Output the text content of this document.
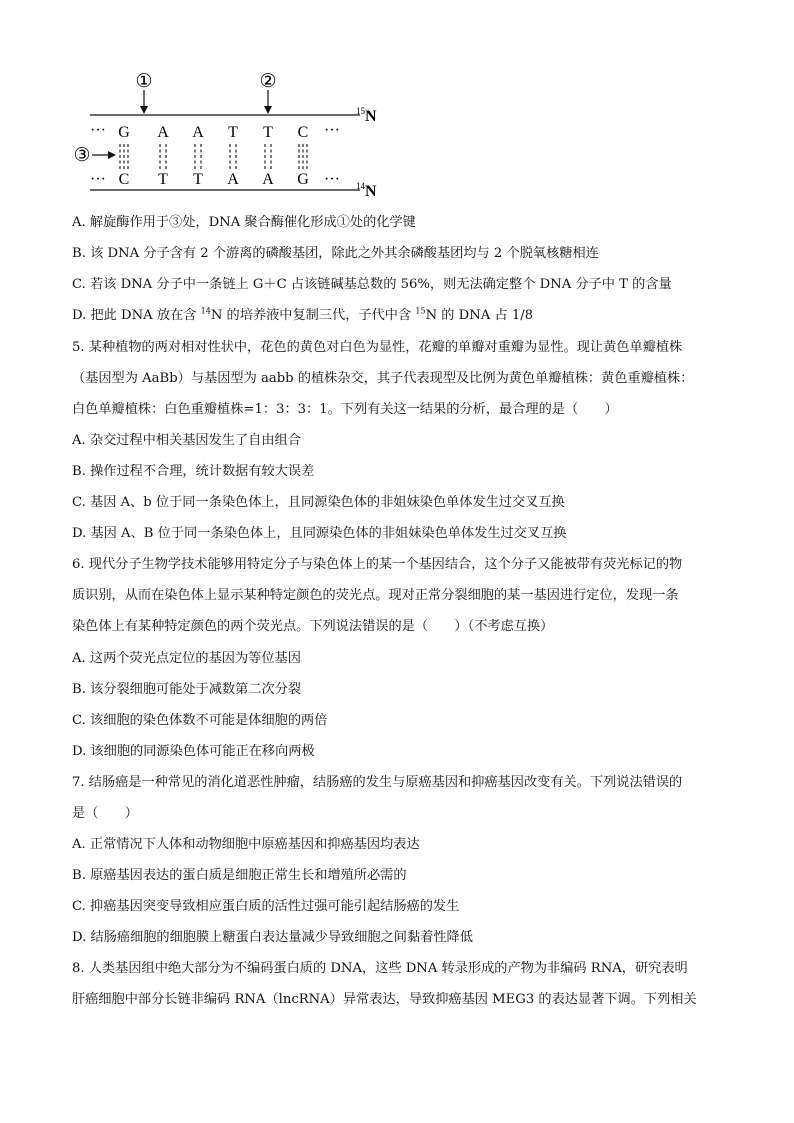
①	②
③
···
···
···
···
G A A T T C
C T T A A G
$^{15}$N
$^{14}$N
A. 解旋酶作用于③处，DNA 聚合酶催化形成①处的化学键
B. 该 DNA 分子含有 2 个游离的磷酸基团，除此之外其余磷酸基团均与 2 个脱氧核糖相连
C. 若该 DNA 分子中一条链上 G＋C 占该链碱基总数的 56%，则无法确定整个 DNA 分子中 T 的含量
D. 把此 DNA 放在含 $^{14}$N 的培养液中复制三代，子代中含 $^{15}$N 的 DNA 占 1/8
5. 某种植物的两对相对性状中，花色的黄色对白色为显性，花瓣的单瓣对重瓣为显性。现让黄色单瓣植株
（基因型为 AaBb）与基因型为 aabb 的植株杂交，其子代表现型及比例为黄色单瓣植株：黄色重瓣植株：
白色单瓣植株：白色重瓣植株=1：3：3：1。下列有关这一结果的分析，最合理的是（　　）
A. 杂交过程中相关基因发生了自由组合
B. 操作过程不合理，统计数据有较大误差
C. 基因 A、b 位于同一条染色体上，且同源染色体的非姐妹染色单体发生过交叉互换
D. 基因 A、B 位于同一条染色体上，且同源染色体的非姐妹染色单体发生过交叉互换
6. 现代分子生物学技术能够用特定分子与染色体上的某一个基因结合，这个分子又能被带有荧光标记的物
质识别，从而在染色体上显示某种特定颜色的荧光点。现对正常分裂细胞的某一基因进行定位，发现一条
染色体上有某种特定颜色的两个荧光点。下列说法错误的是（　　）（不考虑互换）
A. 这两个荧光点定位的基因为等位基因
B. 该分裂细胞可能处于减数第二次分裂
C. 该细胞的染色体数不可能是体细胞的两倍
D. 该细胞的同源染色体可能正在移向两极
7. 结肠癌是一种常见的消化道恶性肿瘤，结肠癌的发生与原癌基因和抑癌基因改变有关。下列说法错误的
是（　　）
A. 正常情况下人体和动物细胞中原癌基因和抑癌基因均表达
B. 原癌基因表达的蛋白质是细胞正常生长和增殖所必需的
C. 抑癌基因突变导致相应蛋白质的活性过强可能引起结肠癌的发生
D. 结肠癌细胞的细胞膜上糖蛋白表达量减少导致细胞之间黏着性降低
8. 人类基因组中绝大部分为不编码蛋白质的 DNA，这些 DNA 转录形成的产物为非编码 RNA，研究表明
肝癌细胞中部分长链非编码 RNA（lncRNA）异常表达，导致抑癌基因 MEG3 的表达显著下调。下列相关
